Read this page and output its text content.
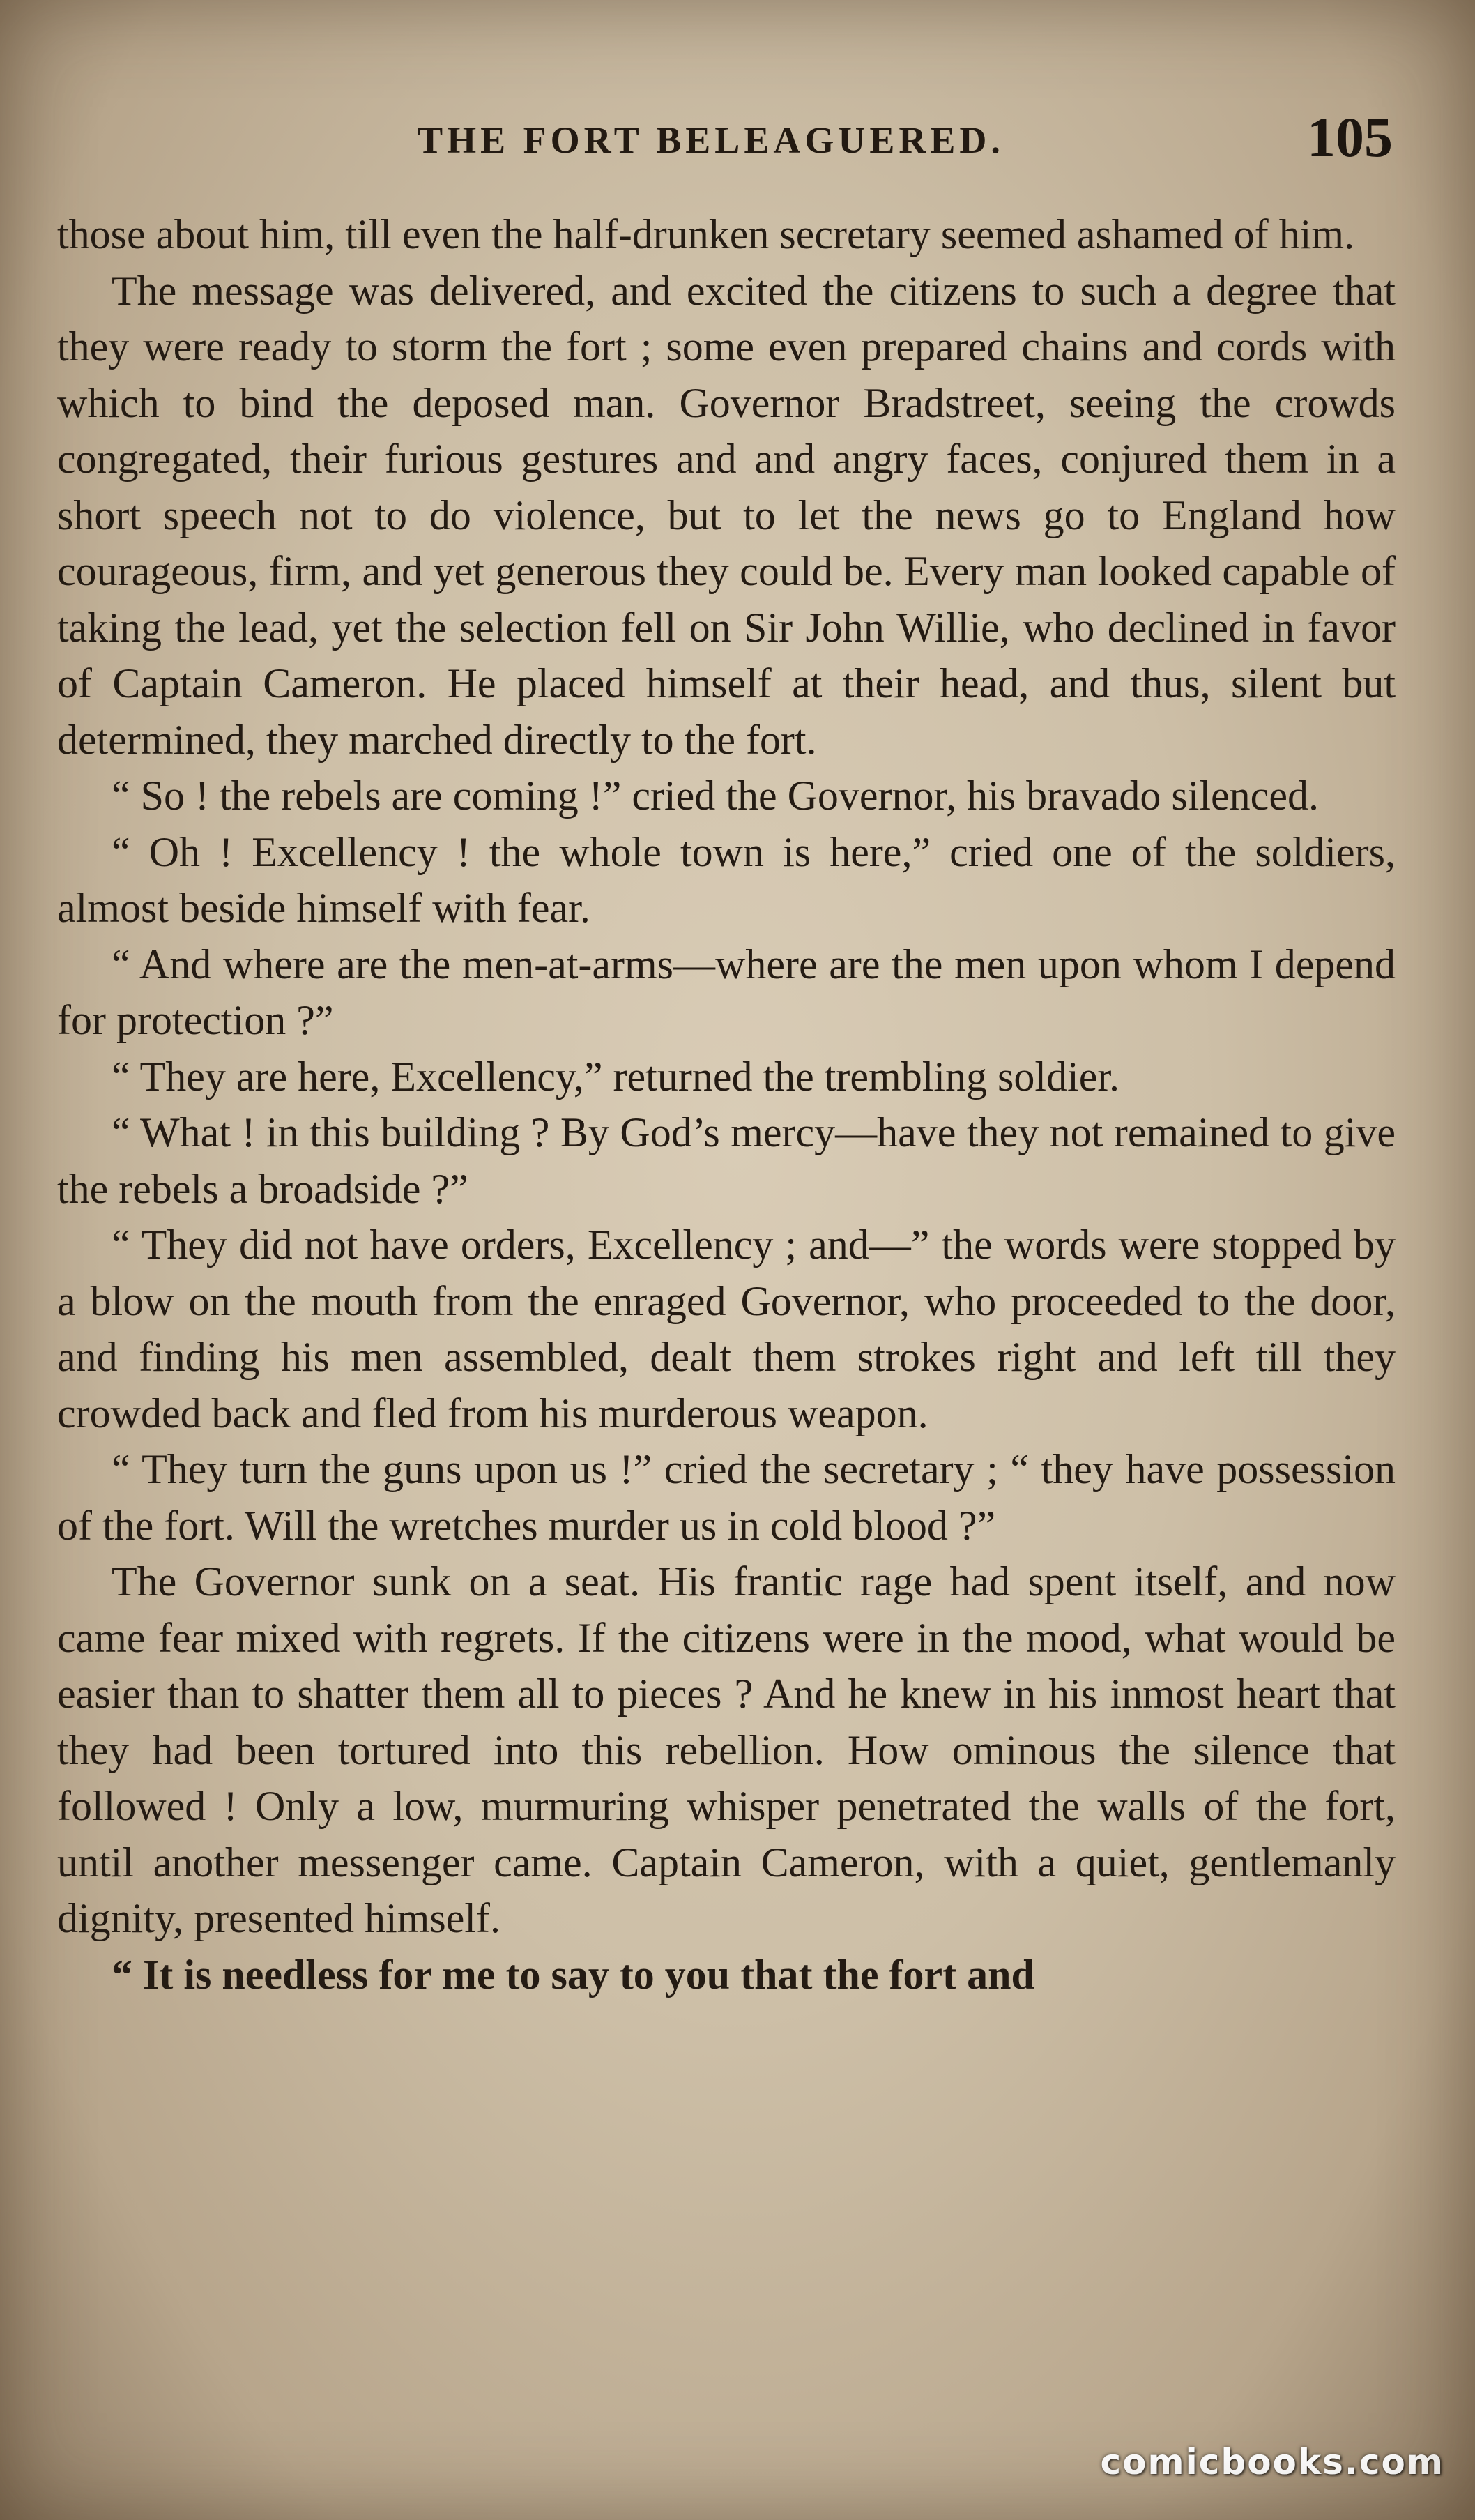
THE FORT BELEAGUERED.	105

those about him, till even the half-drunken secretary seemed ashamed of him.

The message was delivered, and excited the citizens to such a degree that they were ready to storm the fort ; some even prepared chains and cords with which to bind the deposed man. Governor Bradstreet, seeing the crowds congregated, their furious gestures and and angry faces, conjured them in a short speech not to do violence, but to let the news go to England how courageous, firm, and yet generous they could be. Every man looked capable of taking the lead, yet the selection fell on Sir John Willie, who declined in favor of Captain Cameron. He placed himself at their head, and thus, silent but determined, they marched directly to the fort.

“ So ! the rebels are coming !” cried the Governor, his bravado silenced.

“ Oh ! Excellency ! the whole town is here,” cried one of the soldiers, almost beside himself with fear.

“ And where are the men-at-arms—where are the men upon whom I depend for protection ?”

“ They are here, Excellency,” returned the trembling soldier.

“ What ! in this building ? By God’s mercy—have they not remained to give the rebels a broadside ?”

“ They did not have orders, Excellency ; and—” the words were stopped by a blow on the mouth from the enraged Governor, who proceeded to the door, and finding his men assembled, dealt them strokes right and left till they crowded back and fled from his murderous weapon.

“ They turn the guns upon us !” cried the secretary ; “ they have possession of the fort. Will the wretches murder us in cold blood ?”

The Governor sunk on a seat. His frantic rage had spent itself, and now came fear mixed with regrets. If the citizens were in the mood, what would be easier than to shatter them all to pieces ? And he knew in his inmost heart that they had been tortured into this rebellion. How ominous the silence that followed ! Only a low, murmuring whisper penetrated the walls of the fort, until another messenger came. Captain Cameron, with a quiet, gentlemanly dignity, presented himself.

“ It is needless for me to say to you that the fort and

comicbooks.com
